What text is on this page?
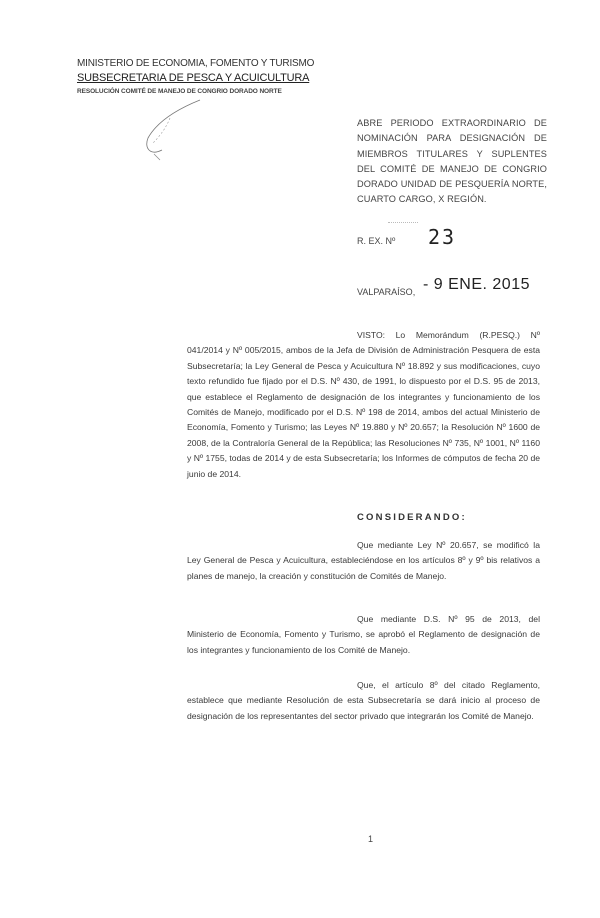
MINISTERIO DE ECONOMIA, FOMENTO Y TURISMO
SUBSECRETARIA DE PESCA Y ACUICULTURA
RESOLUCIÓN COMITÉ DE MANEJO DE CONGRIO DORADO NORTE
ABRE PERIODO EXTRAORDINARIO DE NOMINACIÓN PARA DESIGNACIÓN DE MIEMBROS TITULARES Y SUPLENTES DEL COMITÉ DE MANEJO DE CONGRIO DORADO UNIDAD DE PESQUERÍA NORTE, CUARTO CARGO, X REGIÓN.
R. EX. Nº 23
VALPARAÍSO, - 9 ENE. 2015
VISTO: Lo Memorándum (R.PESQ.) Nº 041/2014 y Nº 005/2015, ambos de la Jefa de División de Administración Pesquera de esta Subsecretaría; la Ley General de Pesca y Acuicultura Nº 18.892 y sus modificaciones, cuyo texto refundido fue fijado por el D.S. Nº 430, de 1991, lo dispuesto por el D.S. 95 de 2013, que establece el Reglamento de designación de los integrantes y funcionamiento de los Comités de Manejo, modificado por el D.S. Nº 198 de 2014, ambos del actual Ministerio de Economía, Fomento y Turismo; las Leyes Nº 19.880 y Nº 20.657; la Resolución Nº 1600 de 2008, de la Contraloría General de la República; las Resoluciones Nº 735, Nº 1001, Nº 1160 y Nº 1755, todas de 2014 y de esta Subsecretaría; los Informes de cómputos de fecha 20 de junio de 2014.
CONSIDERANDO:
Que mediante Ley Nº 20.657, se modificó la Ley General de Pesca y Acuicultura, estableciéndose en los artículos 8º y 9º bis relativos a planes de manejo, la creación y constitución de Comités de Manejo.
Que mediante D.S. Nº 95 de 2013, del Ministerio de Economía, Fomento y Turismo, se aprobó el Reglamento de designación de los integrantes y funcionamiento de los Comité de Manejo.
Que, el artículo 8º del citado Reglamento, establece que mediante Resolución de esta Subsecretaría se dará inicio al proceso de designación de los representantes del sector privado que integrarán los Comité de Manejo.
1
